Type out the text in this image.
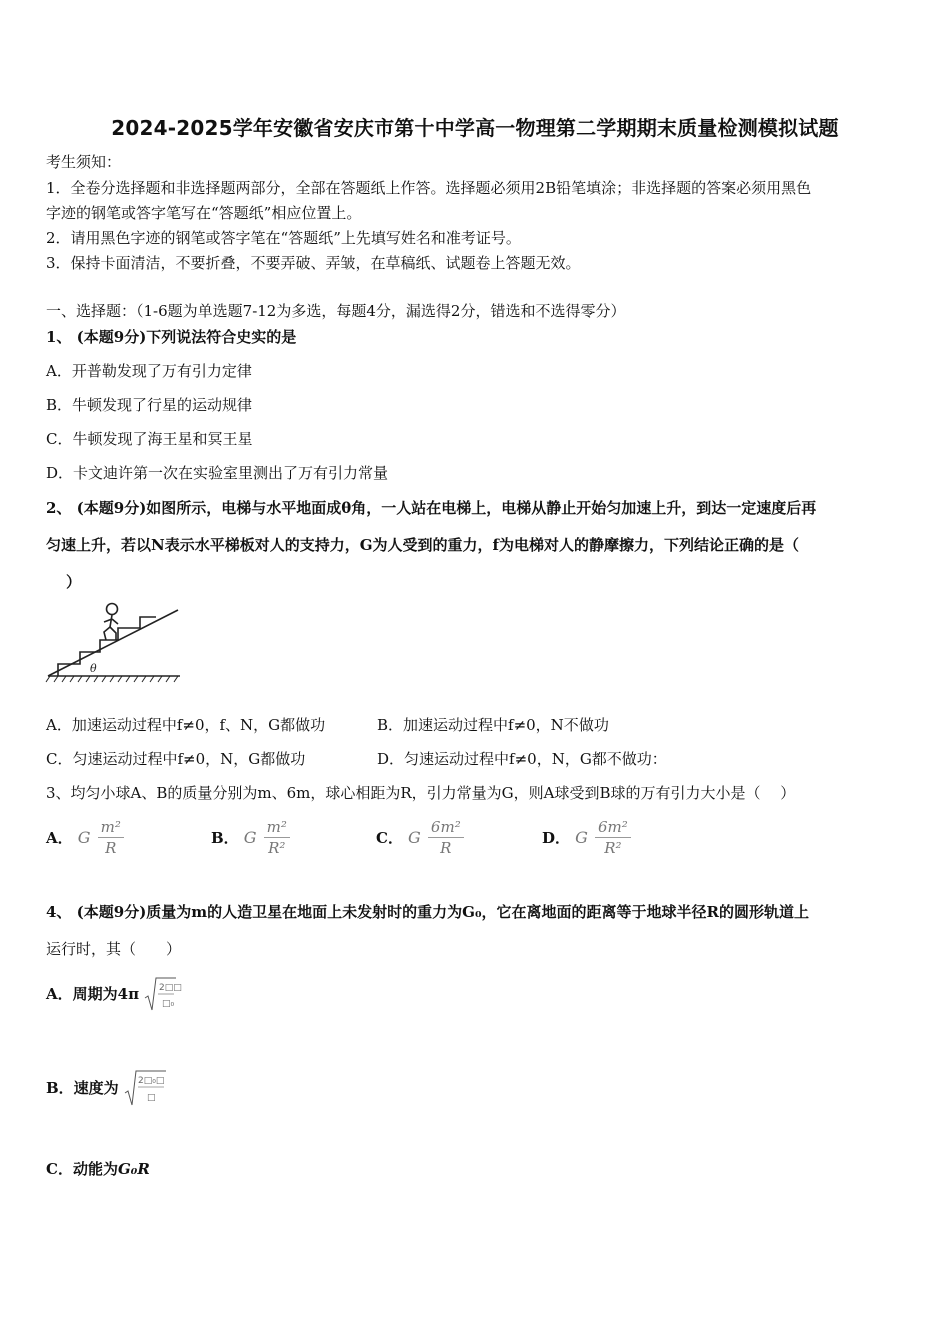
2024-2025学年安徽省安庆市第十中学高一物理第二学期期末质量检测模拟试题
考生须知：
1．全卷分选择题和非选择题两部分，全部在答题纸上作答。选择题必须用2B铅笔填涂；非选择题的答案必须用黑色
字迹的钢笔或答字笔写在“答题纸”相应位置上。
2．请用黑色字迹的钢笔或答字笔在“答题纸”上先填写姓名和准考证号。
3．保持卡面清洁，不要折叠，不要弄破、弄皱，在草稿纸、试题卷上答题无效。
一、选择题：（1-6题为单选题7-12为多选，每题4分，漏选得2分，错选和不选得零分）
1、 (本题9分)下列说法符合史实的是
A．开普勒发现了万有引力定律
B．牛顿发现了行星的运动规律
C．牛顿发现了海王星和冥王星
D．卡文迪许第一次在实验室里测出了万有引力常量
2、 (本题9分)如图所示，电梯与水平地面成θ角，一人站在电梯上，电梯从静止开始匀加速上升，到达一定速度后再
匀速上升，若以N表示水平梯板对人的支持力，G为人受到的重力，f为电梯对人的静摩擦力，下列结论正确的是（
）
θ
A．加速运动过程中f≠0，f、N，G都做功	B．加速运动过程中f≠0，N不做功
C．匀速运动过程中f≠0，N，G都做功	D．匀速运动过程中f≠0，N，G都不做功：
3、均匀小球A、B的质量分别为m、6m，球心相距为R，引力常量为G，则A球受到B球的万有引力大小是（　 ）
A． G $\frac{\text{m²}}{R}$	B． G $\frac{\text{m²}}{\text{R²}}$	C． G $\frac{\text{6m²}}{R}$	D． G $\frac{\text{6m²}}{\text{R²}}$
4、 (本题9分)质量为m的人造卫星在地面上未发射时的重力为G₀，它在离地面的距离等于地球半径R的圆形轨道上
运行时，其（　　）
A．周期为4π 2□□
□₀
B．速度为 2□₀□
□
C．动能为G₀R
